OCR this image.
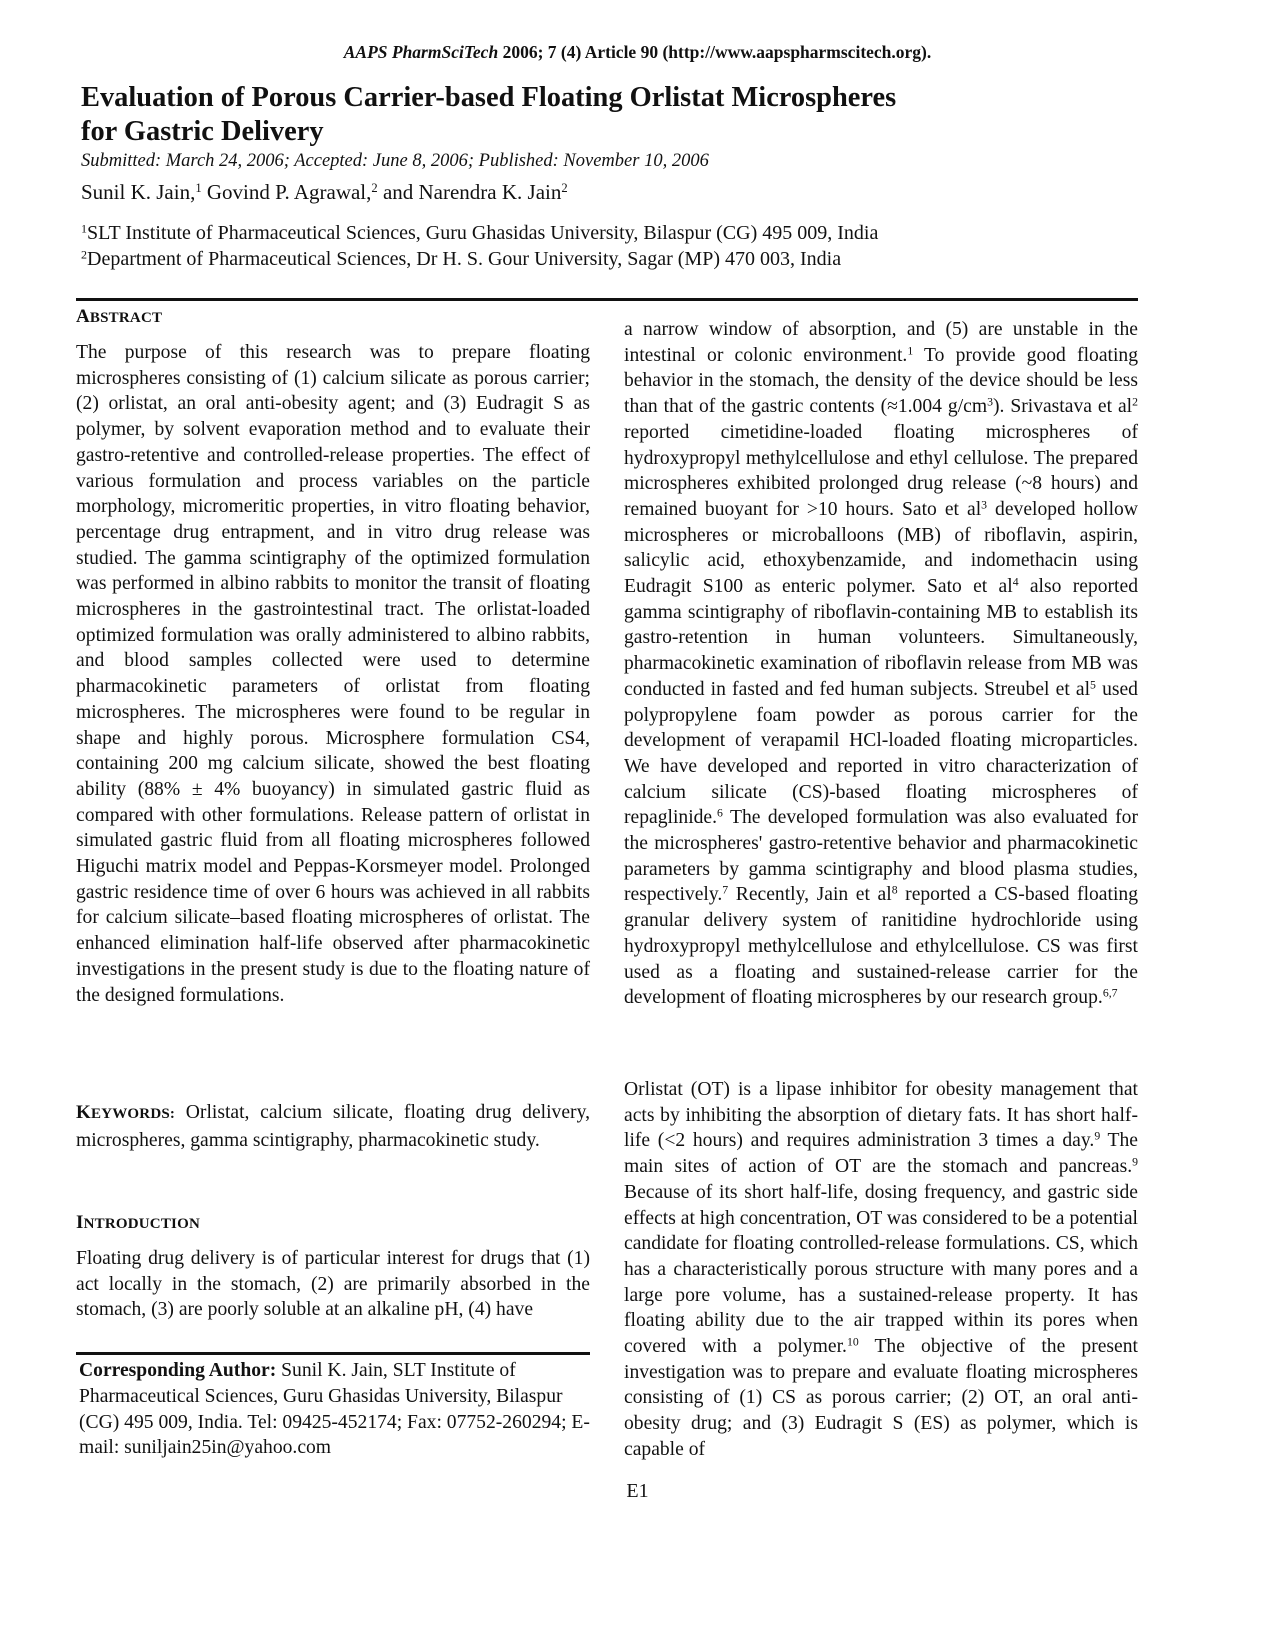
AAPS PharmSciTech 2006; 7 (4) Article 90 (http://www.aapspharmscitech.org).
Evaluation of Porous Carrier-based Floating Orlistat Microspheres
for Gastric Delivery
Submitted: March 24, 2006; Accepted: June 8, 2006; Published: November 10, 2006
Sunil K. Jain,$^1$ Govind P. Agrawal,$^2$ and Narendra K. Jain$^2$
$^1$SLT Institute of Pharmaceutical Sciences, Guru Ghasidas University, Bilaspur (CG) 495 009, India
$^2$Department of Pharmaceutical Sciences, Dr H. S. Gour University, Sagar (MP) 470 003, India
ABSTRACT

The purpose of this research was to prepare floating microspheres consisting of (1) calcium silicate as porous carrier; (2) orlistat, an oral anti-obesity agent; and (3) Eudragit S as polymer, by solvent evaporation method and to evaluate their gastro-retentive and controlled-release properties. The effect of various formulation and process variables on the particle morphology, micromeritic properties, in vitro floating behavior, percentage drug entrapment, and in vitro drug release was studied. The gamma scintigraphy of the optimized formulation was performed in albino rabbits to monitor the transit of floating microspheres in the gastrointestinal tract. The orlistat-loaded optimized formulation was orally administered to albino rabbits, and blood samples collected were used to determine pharmacokinetic parameters of orlistat from floating microspheres. The microspheres were found to be regular in shape and highly porous. Microsphere formulation CS4, containing 200 mg calcium silicate, showed the best floating ability (88% ± 4% buoyancy) in simulated gastric fluid as compared with other formulations. Release pattern of orlistat in simulated gastric fluid from all floating microspheres followed Higuchi matrix model and Peppas-Korsmeyer model. Prolonged gastric residence time of over 6 hours was achieved in all rabbits for calcium silicate–based floating microspheres of orlistat. The enhanced elimination half-life observed after pharmacokinetic investigations in the present study is due to the floating nature of the designed formulations.

KEYWORDS: Orlistat, calcium silicate, floating drug delivery, microspheres, gamma scintigraphy, pharmacokinetic study.

INTRODUCTION

Floating drug delivery is of particular interest for drugs that (1) act locally in the stomach, (2) are primarily absorbed in the stomach, (3) are poorly soluble at an alkaline pH, (4) have

Corresponding Author: Sunil K. Jain, SLT Institute of Pharmaceutical Sciences, Guru Ghasidas University, Bilaspur (CG) 495 009, India. Tel: 09425-452174; Fax: 07752-260294; E-mail: suniljain25in@yahoo.com

a narrow window of absorption, and (5) are unstable in the intestinal or colonic environment.$^1$ To provide good floating behavior in the stomach, the density of the device should be less than that of the gastric contents (≈1.004 $g/cm^3$). Srivastava et $al^2$ reported cimetidine-loaded floating microspheres of hydroxypropyl methylcellulose and ethyl cellulose. The prepared microspheres exhibited prolonged drug release (~8 hours) and remained buoyant for >10 hours. Sato et $al^3$ developed hollow microspheres or microballoons (MB) of riboflavin, aspirin, salicylic acid, ethoxybenzamide, and indomethacin using Eudragit S100 as enteric polymer. Sato et $al^4$ also reported gamma scintigraphy of riboflavin-containing MB to establish its gastro-retention in human volunteers. Simultaneously, pharmacokinetic examination of riboflavin release from MB was conducted in fasted and fed human subjects. Streubel et $al^5$ used polypropylene foam powder as porous carrier for the development of verapamil HCl-loaded floating microparticles. We have developed and reported in vitro characterization of calcium silicate (CS)-based floating microspheres of repaglinide.$^6$ The developed formulation was also evaluated for the microspheres' gastro-retentive behavior and pharmacokinetic parameters by gamma scintigraphy and blood plasma studies, respectively.$^7$ Recently, Jain et $al^8$ reported a CS-based floating granular delivery system of ranitidine hydrochloride using hydroxypropyl methylcellulose and ethylcellulose. CS was first used as a floating and sustained-release carrier for the development of floating microspheres by our research group.$^{6,7}$

Orlistat (OT) is a lipase inhibitor for obesity management that acts by inhibiting the absorption of dietary fats. It has short half-life (<2 hours) and requires administration 3 times a day.$^9$ The main sites of action of OT are the stomach and pancreas.$^9$ Because of its short half-life, dosing frequency, and gastric side effects at high concentration, OT was considered to be a potential candidate for floating controlled-release formulations. CS, which has a characteristically porous structure with many pores and a large pore volume, has a sustained-release property. It has floating ability due to the air trapped within its pores when covered with a polymer.$^{10}$ The objective of the present investigation was to prepare and evaluate floating microspheres consisting of (1) CS as porous carrier; (2) OT, an oral anti-obesity drug; and (3) Eudragit S (ES) as polymer, which is capable of

E1
